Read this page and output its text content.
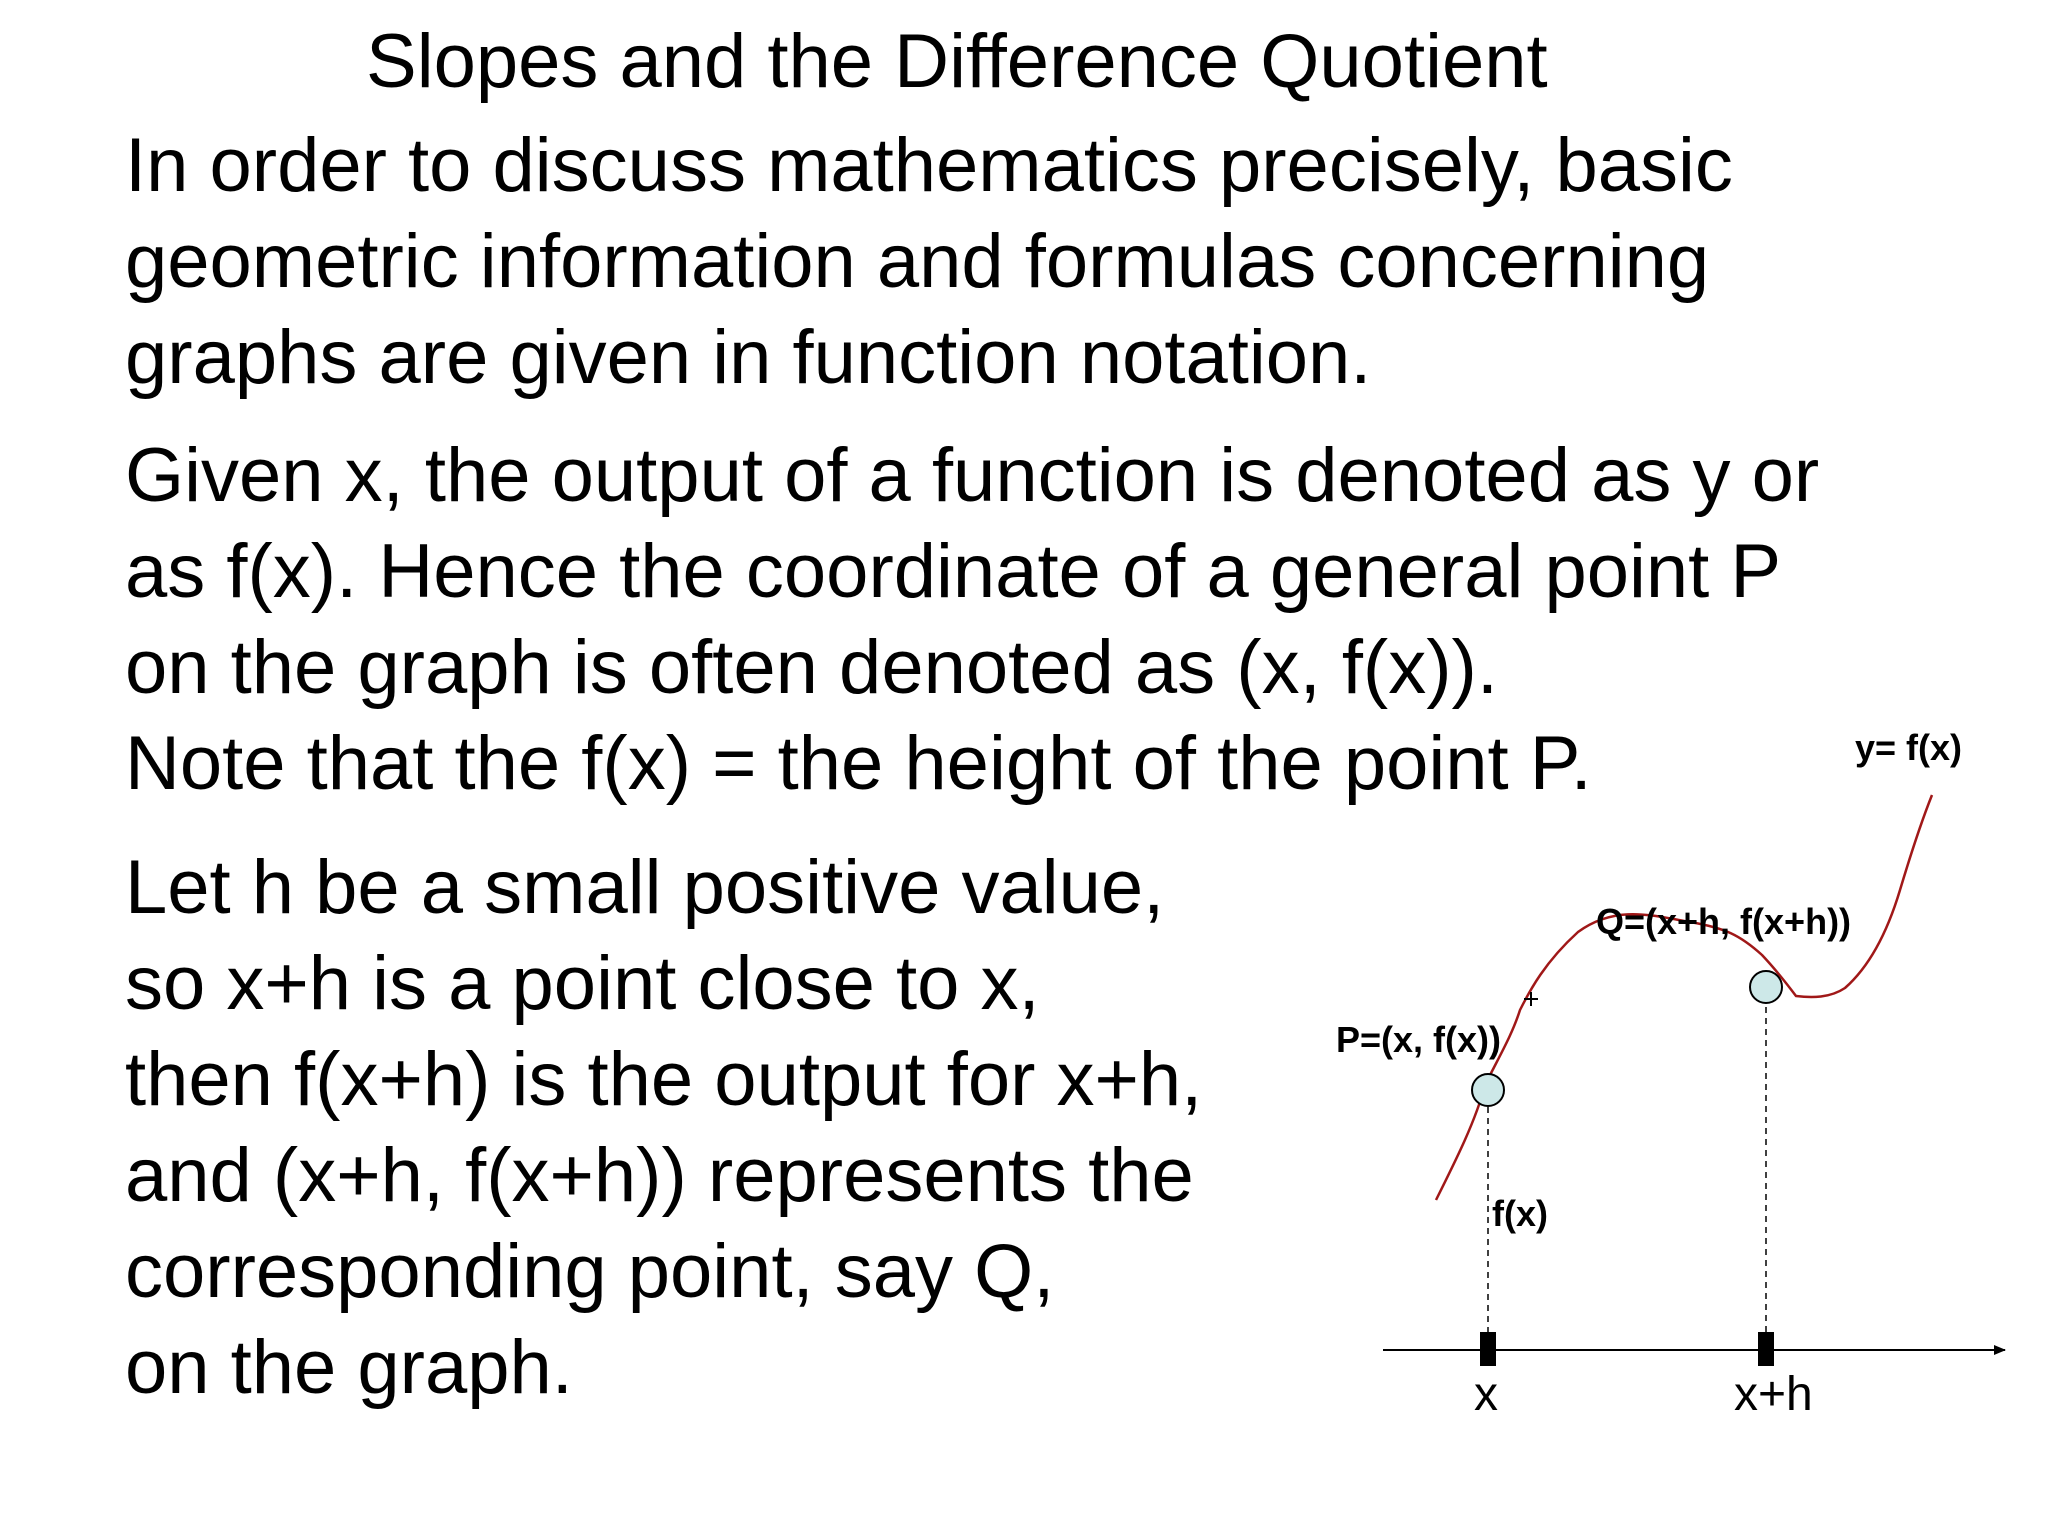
Slopes and the Difference Quotient
In order to discuss mathematics precisely, basic
geometric information and formulas concerning
graphs are given in function notation.
Given x, the output of a function is denoted as y or
as f(x). Hence the coordinate of a general point P
on the graph is often denoted as (x, f(x)).
Note that the f(x) = the height of the point P.
Let h be a small positive value,
so x+h is a point close to x,
then f(x+h) is the output for x+h,
and (x+h, f(x+h)) represents the
corresponding point, say Q,
on the graph.
y= f(x)
Q=(x+h, f(x+h))
P=(x, f(x))
f(x)
x	x+h
